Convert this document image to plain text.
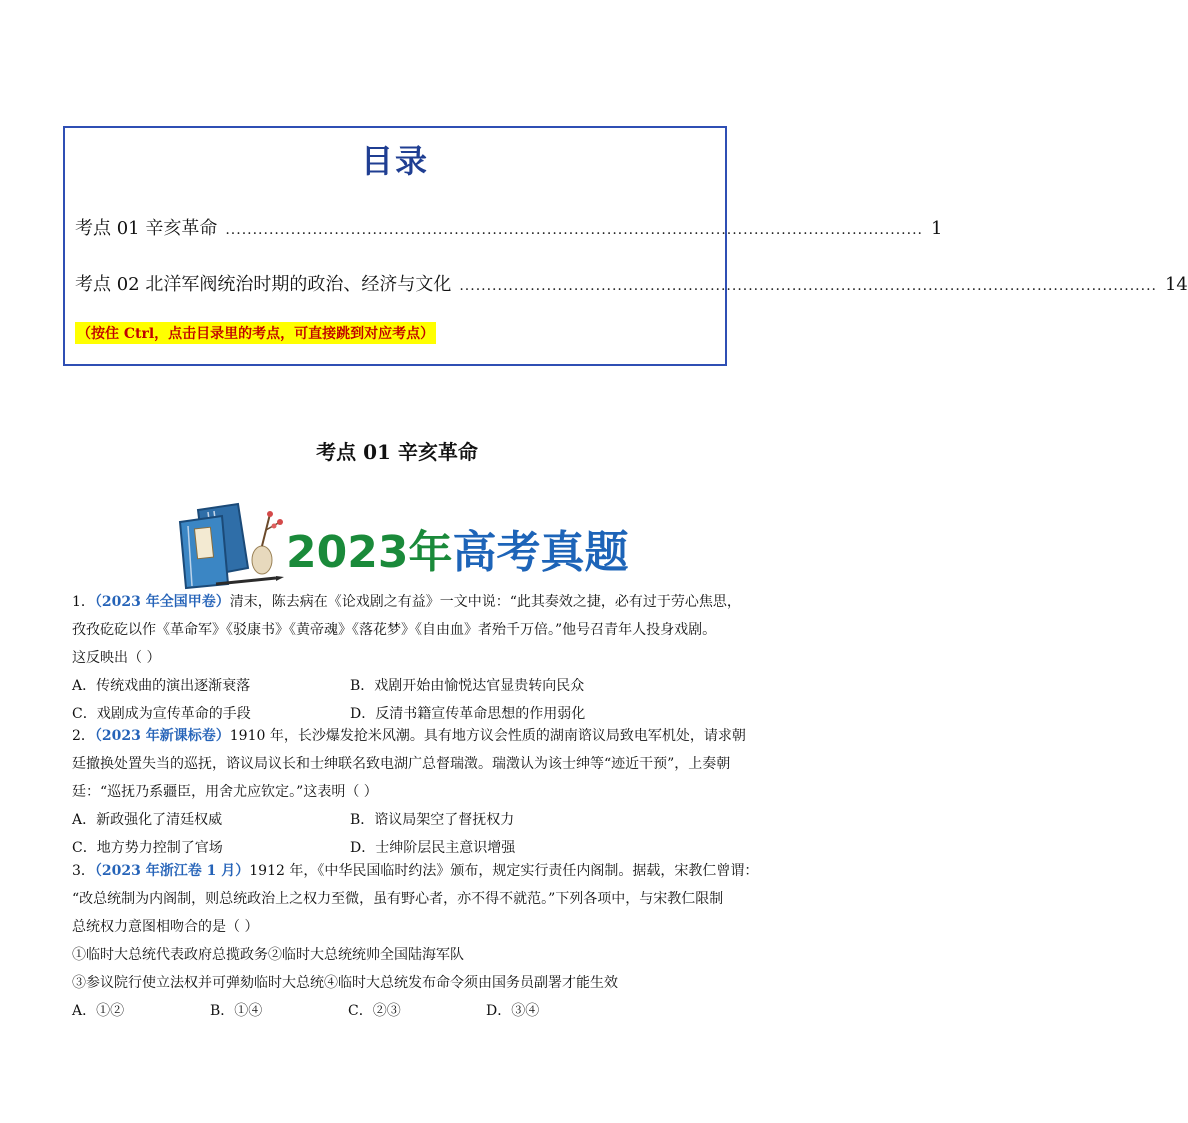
目录
考点 01 辛亥革命 ................................................................................................................................ 1
考点 02 北洋军阀统治时期的政治、经济与文化 ................................................................................................................................ 14
（按住 Ctrl，点击目录里的考点，可直接跳到对应考点）
考点 01 辛亥革命
2023年高考真题
1．（2023 年全国甲卷）清末，陈去病在《论戏剧之有益》一文中说：“此其奏效之捷，必有过于劳心焦思，
孜孜矻矻以作《革命军》《驳康书》《黄帝魂》《落花梦》《自由血》者殆千万倍。”他号召青年人投身戏剧。
这反映出（ ）
A．传统戏曲的演出逐渐衰落	B．戏剧开始由愉悦达官显贵转向民众
C．戏剧成为宣传革命的手段	D．反清书籍宣传革命思想的作用弱化
2．（2023 年新课标卷）1910 年，长沙爆发抢米风潮。具有地方议会性质的湖南谘议局致电军机处，请求朝
廷撤换处置失当的巡抚，谘议局议长和士绅联名致电湖广总督瑞澂。瑞澂认为该士绅等“迹近干预”，上奏朝
廷：“巡抚乃系疆臣，用舍尤应钦定。”这表明（ ）
A．新政强化了清廷权威	B．谘议局架空了督抚权力
C．地方势力控制了官场	D．士绅阶层民主意识增强
3．（2023 年浙江卷 1 月）1912 年，《中华民国临时约法》颁布，规定实行责任内阁制。据载，宋教仁曾谓：
“改总统制为内阁制，则总统政治上之权力至微，虽有野心者，亦不得不就范。”下列各项中，与宋教仁限制
总统权力意图相吻合的是（ ）
①临时大总统代表政府总揽政务②临时大总统统帅全国陆海军队
③参议院行使立法权并可弹劾临时大总统④临时大总统发布命令须由国务员副署才能生效
A．①②	B．①④	C．②③	D．③④
